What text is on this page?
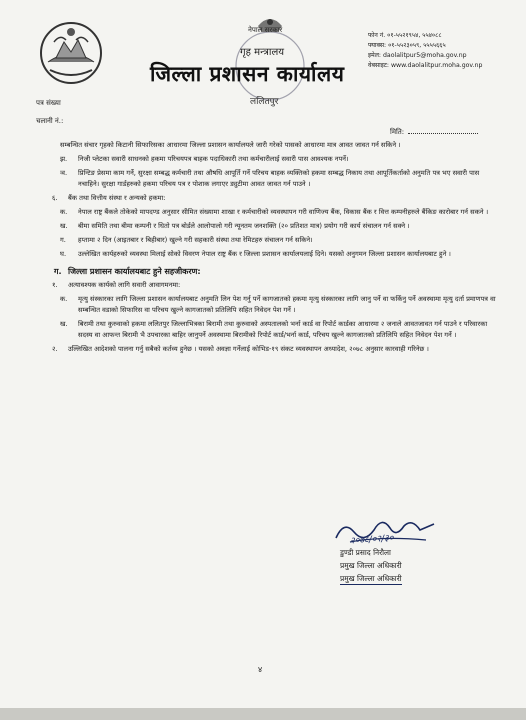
नेपाल सरकार
गृह मन्त्रालय
जिल्ला प्रशासन कार्यालय
ललितपुर
फोन नं. ०१-५५२१९५४, ५५४०८८
फ्याक्स: ०१-५५२३०५९, ५५५५६६५
इमेल: daolalitpur5@moha.gov.np
वेबसाइट: www.daolalitpur.moha.gov.np
पत्र संख्या
चलानी नं.:
मिति:

सम्बन्धित संचार गृहको किटानी सिफारिसका आधारमा जिल्ला प्रशासन कार्यालयले जारी गरेको पासको आधारमा मात्र आवत जावत गर्न सकिने ।

झ.	निजी प्लेटका सवारी साधनको हकमा परिचयपत्र बाहक पदाधिकारी तथा कर्मचारीलाई सवारी पास आवश्यक नपर्ने।
ञ.	प्रिन्टिङ प्रेसमा काम गर्ने, सुरक्षा सम्बद्ध कर्मचारी तथा औषधि आपूर्ति गर्ने परिचय बाहक व्यक्तिको हकमा सम्बद्ध निकाय तथा आपूर्तिकर्ताको अनुमति पत्र भए सवारी पास नचाहिने। सुरक्षा गार्डहरुको हकमा परिचय पत्र र पोशाक लगाएर ड्युटीमा आवत जावत गर्न पाउने ।
६.	बैंक तथा वित्तीय संस्था र अन्यको हकमा:
क.	नेपाल राष्ट्र बैंकले तोकेको मापदण्ड अनुसार सीमित संख्यामा शाखा र कर्मचारीको व्यवस्थापन गरी वाणिज्य बैंक, विकास बैंक र वित्त कम्पनीहरुले बैंकिङ कारोबार गर्न सकने ।
ख.	बीमा समिति तथा बीमा कम्पनी र धितो पत्र बोर्डले आलोपालो गरी न्यूनतम जनशक्ति (२० प्रतिशत मात्र) प्रयोग गरी कार्य संचालन गर्न सक्ने ।
ग.	हप्तामा २ दिन (आइतबार र बिहीबार) खुल्ने गरी सहकारी संस्था तथा रेमिटहरु संचालन गर्न सकिने।
घ.	उल्लेखित कार्यहरुको व्यवस्था मिलाई सोको विवरण नेपाल राष्ट्र बैंक र जिल्ला प्रशासन कार्यालयलाई दिने। यसको अनुगमन जिल्ला प्रशासन कार्यालयबाट हुने ।
ग. जिल्ला प्रशासन कार्यालयबाट हुने सहजीकरण:
१.	अत्यावश्यक कार्यको लागि सवारी आवागमनमा:
क.	मृत्यु संस्कारका लागि जिल्ला प्रशासन कार्यालयबाट अनुमति लिन पेश गर्नु पर्ने कागजातको हकमा मृत्यु संस्कारका लागि जानु पर्ने वा फर्किनु पर्ने अवस्थामा मृत्यु दर्ता प्रमाणपत्र वा सम्बन्धित वडाको सिफारिस वा परिचय खुल्ने कागजातको प्रतिलिपि सहित निवेदन पेश गर्ने ।
ख.	बिरामी तथा कुरुवाको हकमा ललितपुर जिल्लाभित्रका बिरामी तथा कुरुवाको अस्पतालको भर्ना कार्ड वा रिपोर्ट कार्डका आधारमा २ जनाले आवतजावत गर्न पाउने र परिवारका सदस्य वा आफन्त बिरामी भै उपचारका बाहिर जानुपर्ने अवस्थामा बिरामीको रिपोर्ट कार्ड/भर्ना कार्ड, परिचय खुल्ने कागजातको प्रतिलिपि सहित निवेदन पेश गर्ने ।
२.	उल्लिखित आदेशको पालना गर्नु सबैको कर्तव्य हुनेछ । यसको अवज्ञा गर्नेलाई कोभिड-१९ संकट व्यवस्थापन अध्यादेश, २०७८ अनुसार कारवाही गरिनेछ ।
२०७८/०२/३०
डुण्डी प्रसाद निरौला
प्रमुख जिल्ला अधिकारी
प्रमुख जिल्ला अधिकारी
४
